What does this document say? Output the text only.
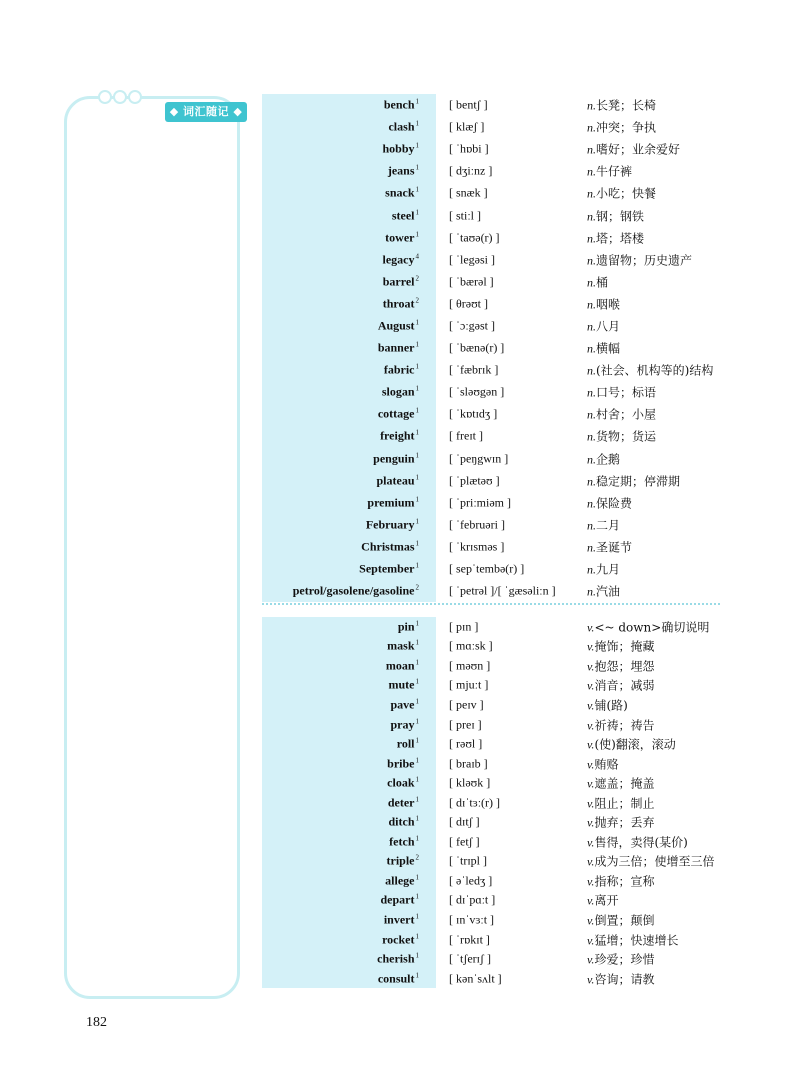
◆ 词汇随记 ◆	bench$^1$	[ bentʃ ]	n.长凳；长椅
clash$^1$	[ klæʃ ]	n.冲突；争执
hobby$^1$	[ ˈhɒbi ]	n.嗜好；业余爱好
jeans$^1$	[ dʒiːnz ]	n.牛仔裤
snack$^1$	[ snæk ]	n.小吃；快餐
steel$^1$	[ stiːl ]	n.钢；钢铁
tower$^1$	[ ˈtaʊə(r) ]	n.塔；塔楼
legacy$^4$	[ ˈlegəsi ]	n.遗留物；历史遗产
barrel$^2$	[ ˈbærəl ]	n.桶
throat$^2$	[ θrəʊt ]	n.咽喉
August$^1$	[ ˈɔːgəst ]	n.八月
banner$^1$	[ ˈbænə(r) ]	n.横幅
fabric$^1$	[ ˈfæbrɪk ]	n.(社会、机构等的)结构
slogan$^1$	[ ˈsləʊgən ]	n.口号；标语
cottage$^1$	[ ˈkɒtɪdʒ ]	n.村舍；小屋
freight$^1$	[ freɪt ]	n.货物；货运
penguin$^1$	[ ˈpeŋgwɪn ]	n.企鹅
plateau$^1$	[ ˈplætəʊ ]	n.稳定期；停滞期
premium$^1$	[ ˈpriːmiəm ]	n.保险费
February$^1$	[ ˈfebruəri ]	n.二月
Christmas$^1$	[ ˈkrɪsməs ]	n.圣诞节
September$^1$	[ sepˈtembə(r) ]	n.九月
petrol/gasolene/gasoline$^2$	[ ˈpetrəl ]/[ ˈgæsəliːn ]	n.汽油
pin$^1$	[ pɪn ]	v.<~ down>确切说明
mask$^1$	[ mɑːsk ]	v.掩饰；掩藏
moan$^1$	[ məʊn ]	v.抱怨；埋怨
mute$^1$	[ mjuːt ]	v.消音；减弱
pave$^1$	[ peɪv ]	v.铺(路)
pray$^1$	[ preɪ ]	v.祈祷；祷告
roll$^1$	[ rəʊl ]	v.(使)翻滚，滚动
bribe$^1$	[ braɪb ]	v.贿赂
cloak$^1$	[ kləʊk ]	v.遮盖；掩盖
deter$^1$	[ dɪˈtɜː(r) ]	v.阻止；制止
ditch$^1$	[ dɪtʃ ]	v.抛弃；丢弃
fetch$^1$	[ fetʃ ]	v.售得，卖得(某价)
triple$^2$	[ ˈtrɪpl ]	v.成为三倍；使增至三倍
allege$^1$	[ əˈledʒ ]	v.指称；宣称
depart$^1$	[ dɪˈpɑːt ]	v.离开
invert$^1$	[ ɪnˈvɜːt ]	v.倒置；颠倒
rocket$^1$	[ ˈrɒkɪt ]	v.猛增；快速增长
cherish$^1$	[ ˈtʃerɪʃ ]	v.珍爱；珍惜
consult$^1$	[ kənˈsʌlt ]	v.咨询；请教
182
